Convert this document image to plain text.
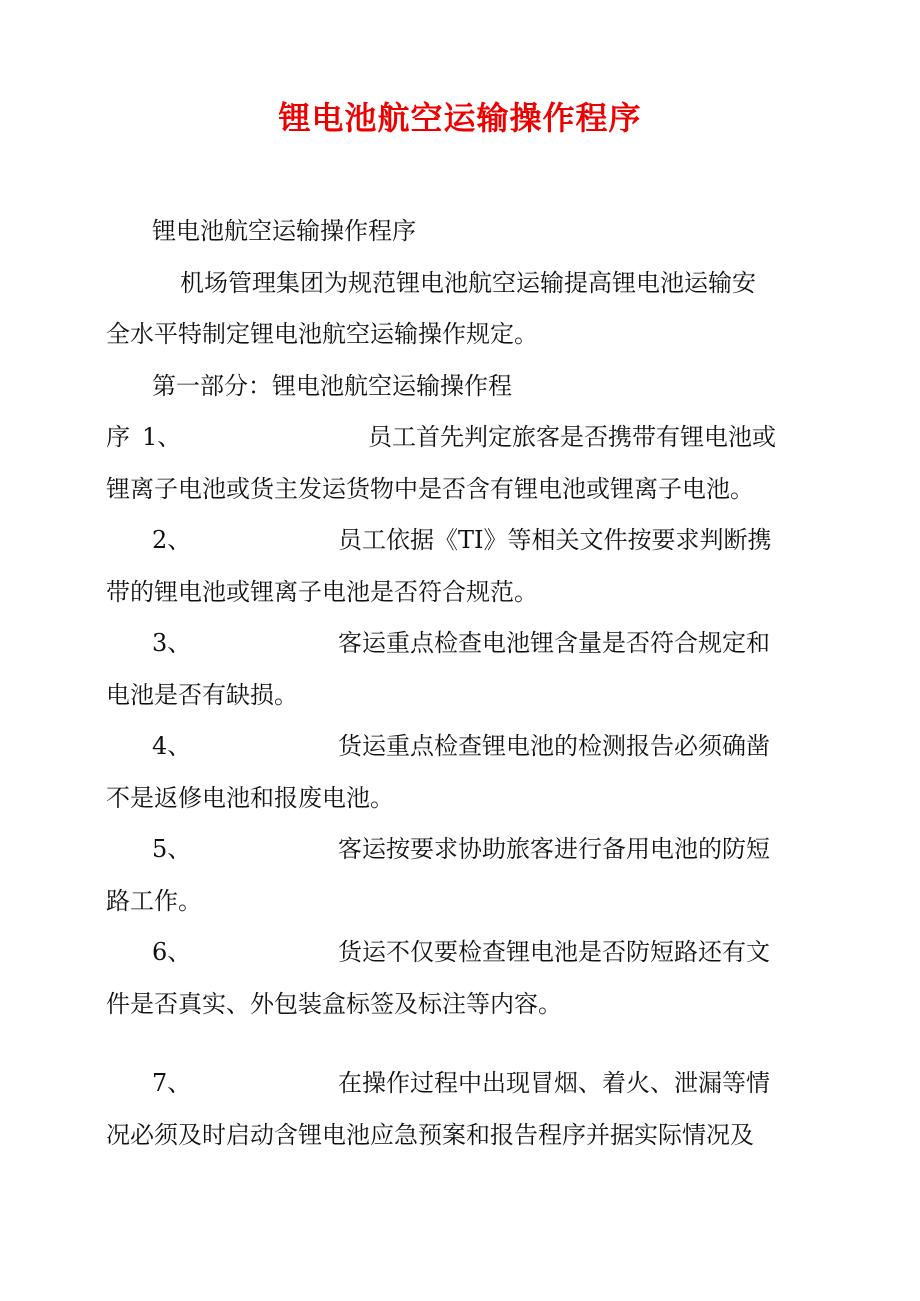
锂电池航空运输操作程序
锂电池航空运输操作程序
机场管理集团为规范锂电池航空运输提高锂电池运输安
全水平特制定锂电池航空运输操作规定。
第一部分：锂电池航空运输操作程
序 1、	员工首先判定旅客是否携带有锂电池或
锂离子电池或货主发运货物中是否含有锂电池或锂离子电池。
2、	员工依据《TI》等相关文件按要求判断携
带的锂电池或锂离子电池是否符合规范。
3、	客运重点检查电池锂含量是否符合规定和
电池是否有缺损。
4、	货运重点检查锂电池的检测报告必须确凿
不是返修电池和报废电池。
5、	客运按要求协助旅客进行备用电池的防短
路工作。
6、	货运不仅要检查锂电池是否防短路还有文
件是否真实、外包装盒标签及标注等内容。
7、	在操作过程中出现冒烟、着火、泄漏等情
况必须及时启动含锂电池应急预案和报告程序并据实际情况及
